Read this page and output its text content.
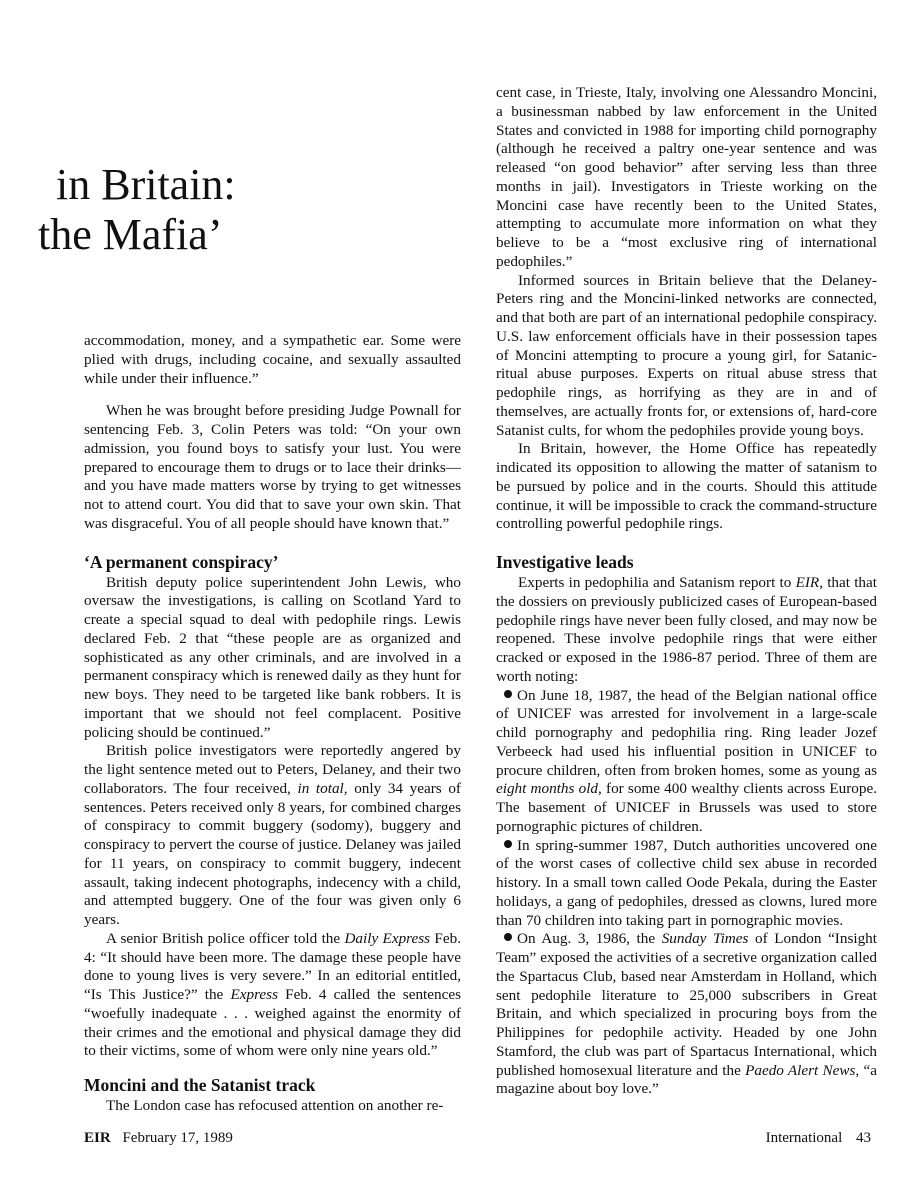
in Britain:
the Mafia’

accommodation, money, and a sympathetic ear. Some were plied with drugs, including cocaine, and sexually assaulted while under their influence.”

When he was brought before presiding Judge Pownall for sentencing Feb. 3, Colin Peters was told: “On your own admission, you found boys to satisfy your lust. You were prepared to encourage them to drugs or to lace their drinks—and you have made matters worse by trying to get witnesses not to attend court. You did that to save your own skin. That was disgraceful. You of all people should have known that.”

‘A permanent conspiracy’

British deputy police superintendent John Lewis, who oversaw the investigations, is calling on Scotland Yard to create a special squad to deal with pedophile rings. Lewis declared Feb. 2 that “these people are as organized and sophisticated as any other criminals, and are involved in a permanent conspiracy which is renewed daily as they hunt for new boys. They need to be targeted like bank robbers. It is important that we should not feel complacent. Positive policing should be continued.”

British police investigators were reportedly angered by the light sentence meted out to Peters, Delaney, and their two collaborators. The four received, in total, only 34 years of sentences. Peters received only 8 years, for combined charges of conspiracy to commit buggery (sodomy), buggery and conspiracy to pervert the course of justice. Delaney was jailed for 11 years, on conspiracy to commit buggery, indecent assault, taking indecent photographs, indecency with a child, and attempted buggery. One of the four was given only 6 years.

A senior British police officer told the Daily Express Feb. 4: “It should have been more. The damage these people have done to young lives is very severe.” In an editorial entitled, “Is This Justice?” the Express Feb. 4 called the sentences “woefully inadequate . . . weighed against the enormity of their crimes and the emotional and physical damage they did to their victims, some of whom were only nine years old.”

Moncini and the Satanist track

The London case has refocused attention on another re-

cent case, in Trieste, Italy, involving one Alessandro Moncini, a businessman nabbed by law enforcement in the United States and convicted in 1988 for importing child pornography (although he received a paltry one-year sentence and was released “on good behavior” after serving less than three months in jail). Investigators in Trieste working on the Moncini case have recently been to the United States, attempting to accumulate more information on what they believe to be a “most exclusive ring of international pedophiles.”

Informed sources in Britain believe that the Delaney-Peters ring and the Moncini-linked networks are connected, and that both are part of an international pedophile conspiracy. U.S. law enforcement officials have in their possession tapes of Moncini attempting to procure a young girl, for Satanic-ritual abuse purposes. Experts on ritual abuse stress that pedophile rings, as horrifying as they are in and of themselves, are actually fronts for, or extensions of, hard-core Satanist cults, for whom the pedophiles provide young boys.

In Britain, however, the Home Office has repeatedly indicated its opposition to allowing the matter of satanism to be pursued by police and in the courts. Should this attitude continue, it will be impossible to crack the command-structure controlling powerful pedophile rings.

Investigative leads

Experts in pedophilia and Satanism report to EIR, that that the dossiers on previously publicized cases of European-based pedophile rings have never been fully closed, and may now be reopened. These involve pedophile rings that were either cracked or exposed in the 1986-87 period. Three of them are worth noting:

On June 18, 1987, the head of the Belgian national office of UNICEF was arrested for involvement in a large-scale child pornography and pedophilia ring. Ring leader Jozef Verbeeck had used his influential position in UNICEF to procure children, often from broken homes, some as young as eight months old, for some 400 wealthy clients across Europe. The basement of UNICEF in Brussels was used to store pornographic pictures of children.

In spring-summer 1987, Dutch authorities uncovered one of the worst cases of collective child sex abuse in recorded history. In a small town called Oode Pekala, during the Easter holidays, a gang of pedophiles, dressed as clowns, lured more than 70 children into taking part in pornographic movies.

On Aug. 3, 1986, the Sunday Times of London “Insight Team” exposed the activities of a secretive organization called the Spartacus Club, based near Amsterdam in Holland, which sent pedophile literature to 25,000 subscribers in Great Britain, and which specialized in procuring boys from the Philippines for pedophile activity. Headed by one John Stamford, the club was part of Spartacus International, which published homosexual literature and the Paedo Alert News, “a magazine about boy love.”

EIR February 17, 1989	International 43
